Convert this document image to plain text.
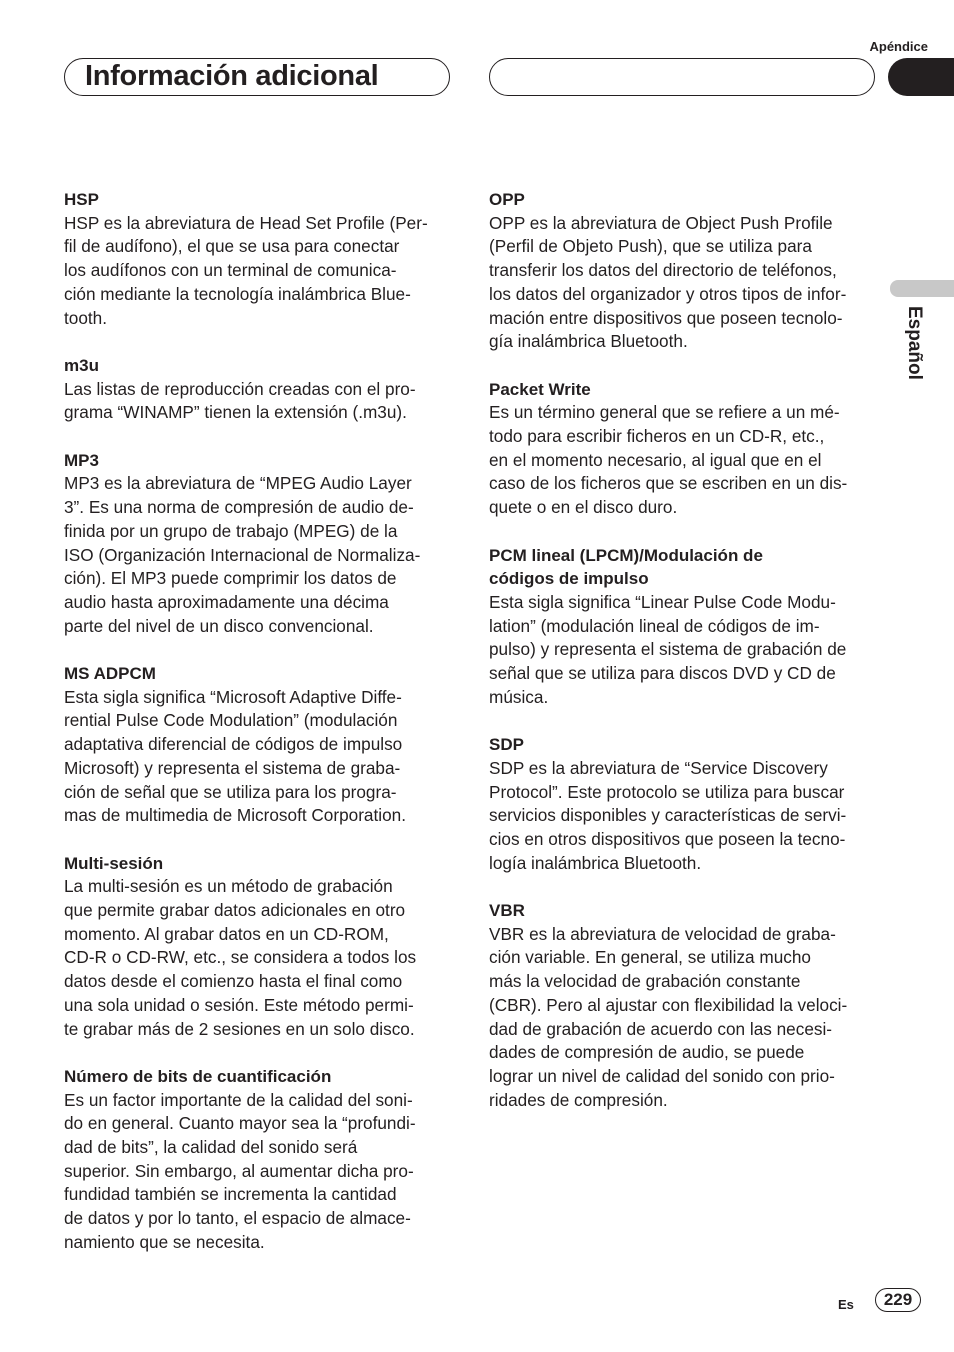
Apéndice
Información adicional
Español
HSP
HSP es la abreviatura de Head Set Profile (Per-
fil de audífono), el que se usa para conectar
los audífonos con un terminal de comunica-
ción mediante la tecnología inalámbrica Blue-
tooth.
m3u
Las listas de reproducción creadas con el pro-
grama “WINAMP” tienen la extensión (.m3u).
MP3
MP3 es la abreviatura de “MPEG Audio Layer
3”. Es una norma de compresión de audio de-
finida por un grupo de trabajo (MPEG) de la
ISO (Organización Internacional de Normaliza-
ción). El MP3 puede comprimir los datos de
audio hasta aproximadamente una décima
parte del nivel de un disco convencional.
MS ADPCM
Esta sigla significa “Microsoft Adaptive Diffe-
rential Pulse Code Modulation” (modulación
adaptativa diferencial de códigos de impulso
Microsoft) y representa el sistema de graba-
ción de señal que se utiliza para los progra-
mas de multimedia de Microsoft Corporation.
Multi-sesión
La multi-sesión es un método de grabación
que permite grabar datos adicionales en otro
momento. Al grabar datos en un CD-ROM,
CD-R o CD-RW, etc., se considera a todos los
datos desde el comienzo hasta el final como
una sola unidad o sesión. Este método permi-
te grabar más de 2 sesiones en un solo disco.
Número de bits de cuantificación
Es un factor importante de la calidad del soni-
do en general. Cuanto mayor sea la “profundi-
dad de bits”, la calidad del sonido será
superior. Sin embargo, al aumentar dicha pro-
fundidad también se incrementa la cantidad
de datos y por lo tanto, el espacio de almace-
namiento que se necesita.
OPP
OPP es la abreviatura de Object Push Profile
(Perfil de Objeto Push), que se utiliza para
transferir los datos del directorio de teléfonos,
los datos del organizador y otros tipos de infor-
mación entre dispositivos que poseen tecnolo-
gía inalámbrica Bluetooth.
Packet Write
Es un término general que se refiere a un mé-
todo para escribir ficheros en un CD-R, etc.,
en el momento necesario, al igual que en el
caso de los ficheros que se escriben en un dis-
quete o en el disco duro.
PCM lineal (LPCM)/Modulación de
códigos de impulso
Esta sigla significa “Linear Pulse Code Modu-
lation” (modulación lineal de códigos de im-
pulso) y representa el sistema de grabación de
señal que se utiliza para discos DVD y CD de
música.
SDP
SDP es la abreviatura de “Service Discovery
Protocol”. Este protocolo se utiliza para buscar
servicios disponibles y características de servi-
cios en otros dispositivos que poseen la tecno-
logía inalámbrica Bluetooth.
VBR
VBR es la abreviatura de velocidad de graba-
ción variable. En general, se utiliza mucho
más la velocidad de grabación constante
(CBR). Pero al ajustar con flexibilidad la veloci-
dad de grabación de acuerdo con las necesi-
dades de compresión de audio, se puede
lograr un nivel de calidad del sonido con prio-
ridades de compresión.
Es	229
